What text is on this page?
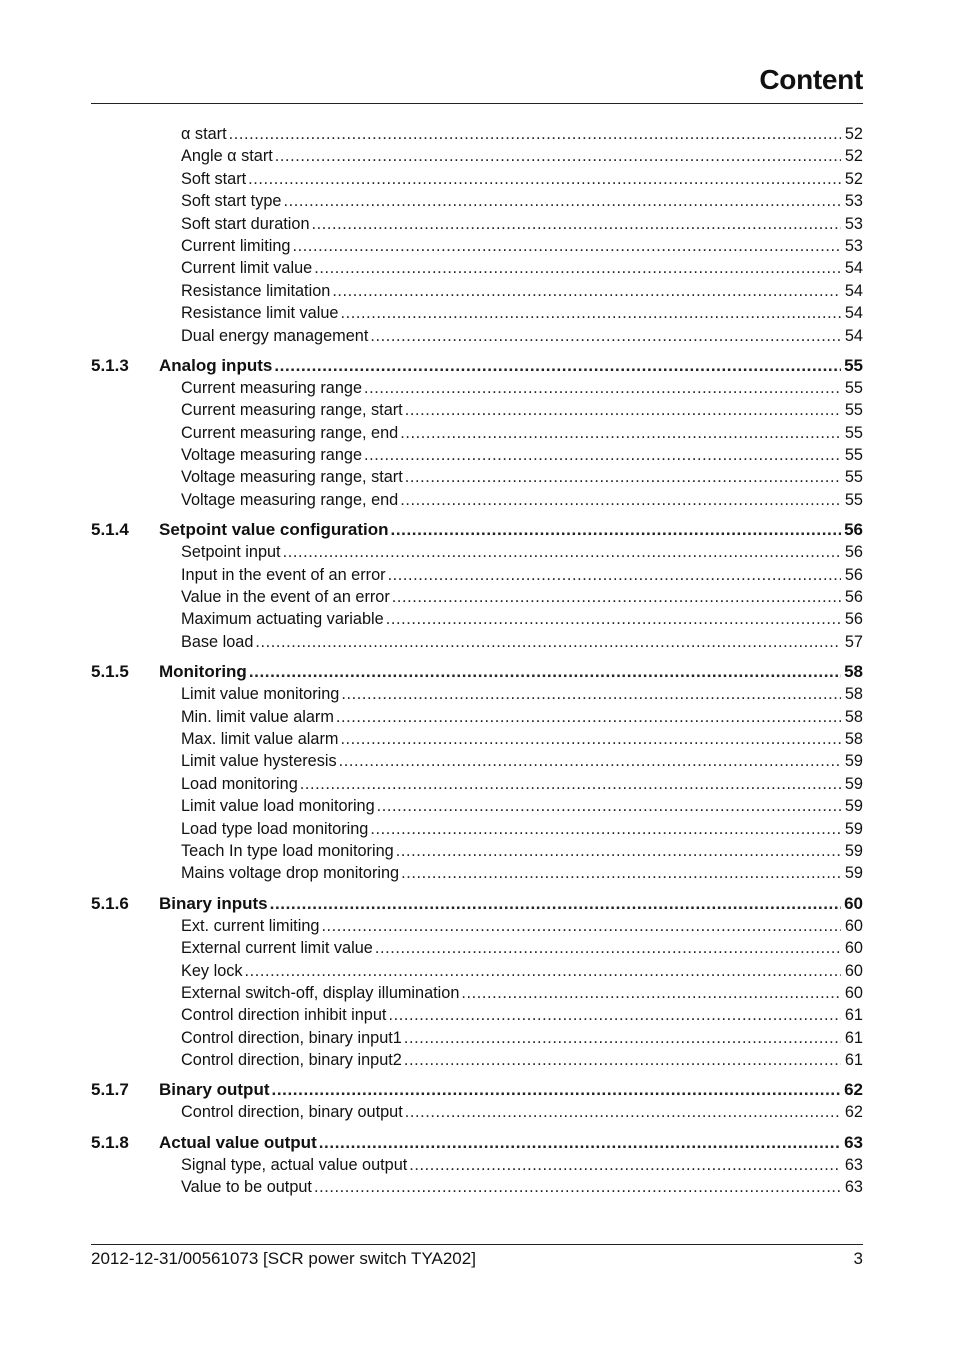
Content
α start .....	52
Angle α start .....	52
Soft start .....	52
Soft start type .....	53
Soft start duration .....	53
Current limiting .....	53
Current limit value .....	54
Resistance limitation .....	54
Resistance limit value .....	54
Dual energy management .....	54
5.1.3	Analog inputs .....	55
Current measuring range .....	55
Current measuring range, start .....	55
Current measuring range, end .....	55
Voltage measuring range .....	55
Voltage measuring range, start .....	55
Voltage measuring range, end .....	55
5.1.4	Setpoint value configuration .....	56
Setpoint input .....	56
Input in the event of an error .....	56
Value in the event of an error .....	56
Maximum actuating variable .....	56
Base load .....	57
5.1.5	Monitoring .....	58
Limit value monitoring .....	58
Min. limit value alarm .....	58
Max. limit value alarm .....	58
Limit value hysteresis .....	59
Load monitoring .....	59
Limit value load monitoring .....	59
Load type load monitoring .....	59
Teach In type load monitoring .....	59
Mains voltage drop monitoring .....	59
5.1.6	Binary inputs .....	60
Ext. current limiting .....	60
External current limit value .....	60
Key lock .....	60
External switch-off, display illumination .....	60
Control direction inhibit input .....	61
Control direction, binary input1 .....	61
Control direction, binary input2 .....	61
5.1.7	Binary output .....	62
Control direction, binary output .....	62
5.1.8	Actual value output .....	63
Signal type, actual value output .....	63
Value to be output .....	63
2012-12-31/00561073 [SCR power switch TYA202]	3
